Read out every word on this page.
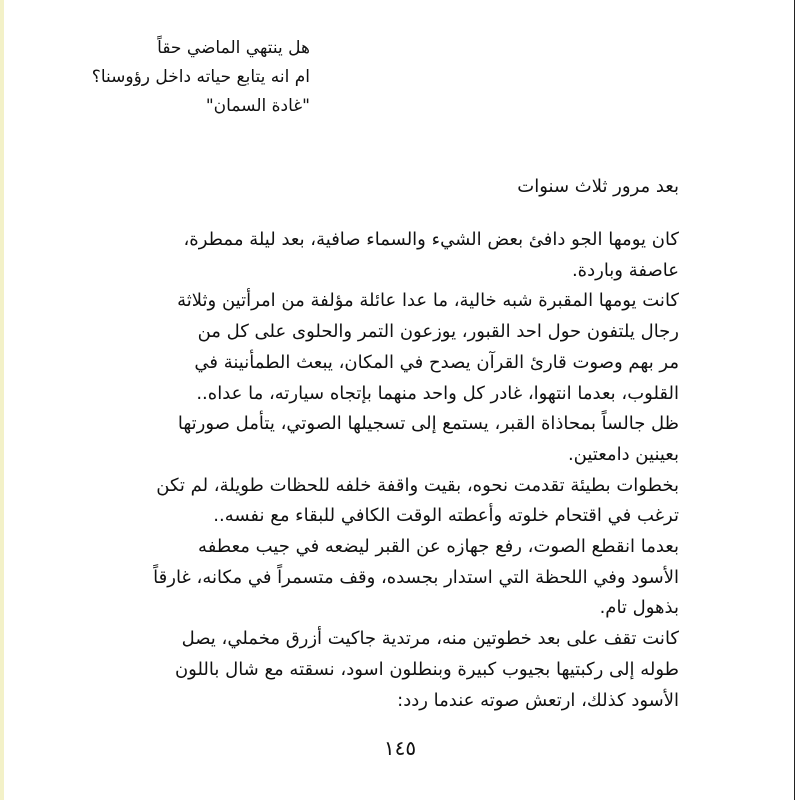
هل ينتهي الماضي حقاً
ام انه يتابع حياته داخل رؤوسنا؟
"غادة السمان"
بعد مرور ثلاث سنوات
كان يومها الجو دافئ بعض الشيء والسماء صافية، بعد ليلة ممطرة،
عاصفة وباردة.
كانت يومها المقبرة شبه خالية، ما عدا عائلة مؤلفة من امرأتين وثلاثة
رجال يلتفون حول احد القبور، يوزعون التمر والحلوى على كل من
مر بهم وصوت قارئ القرآن يصدح في المكان، يبعث الطمأنينة في
القلوب، بعدما انتهوا، غادر كل واحد منهما بإتجاه سيارته، ما عداه..
ظل جالساً بمحاذاة القبر، يستمع إلى تسجيلها الصوتي، يتأمل صورتها
بعينين دامعتين.
بخطوات بطيئة تقدمت نحوه، بقيت واقفة خلفه للحظات طويلة، لم تكن
ترغب في اقتحام خلوته وأعطته الوقت الكافي للبقاء مع نفسه..
بعدما انقطع الصوت، رفع جهازه عن القبر ليضعه في جيب معطفه
الأسود وفي اللحظة التي استدار بجسده، وقف متسمراً في مكانه، غارقاً
بذهول تام.
كانت تقف على بعد خطوتين منه، مرتدية جاكيت أزرق مخملي، يصل
طوله إلى ركبتيها بجيوب كبيرة وبنطلون اسود، نسقته مع شال باللون
الأسود كذلك، ارتعش صوته عندما ردد:
١٤٥
